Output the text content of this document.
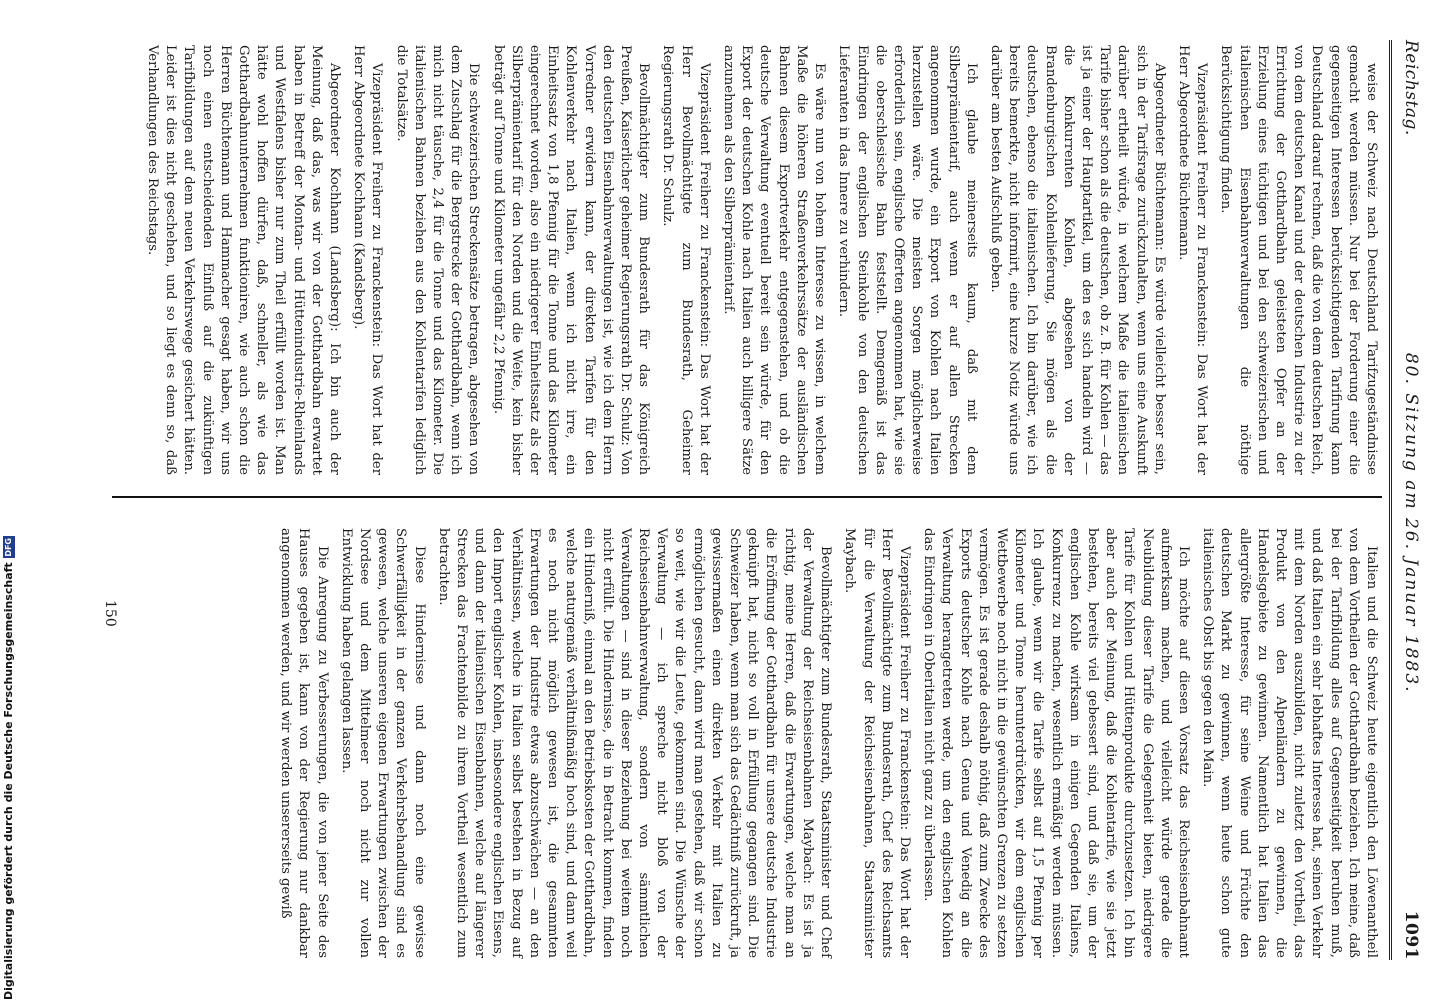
Reichstag.
80. Sitzung am 26. Januar 1883.
1091

weise der Schweiz nach Deutschland Tarifzugeständnisse gemacht werden müssen. Nur bei der Forderung einer die gegenseitigen Interessen berücksichtigenden Tarifirung kann Deutschland darauf rechnen, daß die von dem deutschen Reich, von dem deutschen Kanal und der deutschen Industrie zu der Errichtung der Gotthardbahn geleisteten Opfer an der Erzielung eines tüchtigen und bei den schweizerischen und italienischen Eisenbahnverwaltungen die nöthige Berücksichtigung finden.

Vizepräsident Freiherr zu Franckenstein: Das Wort hat der Herr Abgeordnete Büchtemann.

Abgeordneter Büchtemann: Es würde vielleicht besser sein, sich in der Tarifsrage zurückzuhalten, wenn uns eine Auskunft darüber ertheilt würde, in welchem Maße die italienischen Tarife bisher schon als die deutschen, ob z. B. für Kohlen — das ist ja einer der Hauptartikel, um den es sich handeln wird — die Konkurrenten Kohlen, abgesehen von der Brandenburgischen Kohlenlieferung, Sie mögen als die deutschen, ebenso die italienischen. Ich bin darüber, wie ich bereits bemerkte, nicht informirt, eine kurze Notiz würde uns darüber am besten Aufschluß geben.

Ich glaube meinerseits kaum, daß mit dem Silberprämientarif, auch wenn er auf allen Strecken angenommen wurde, ein Export von Kohlen nach Italien herzustellen wäre. Die meisten Sorgen möglicherweise erforderlich sein, englische Offerten angenommen hat, wie sie die oberschlesische Bahn feststellt. Demgemäß ist das Eindringen der englischen Steinkohle von den deutschen Lieferanten in das Innere zu verhindern.

Es wäre nun von hohem Interesse zu wissen, in welchem Maße die höheren Straßenverkehrssätze der ausländischen Bahnen diesem Exportverkehr entgegenstehen, und ob die deutsche Verwaltung eventuell bereit sein würde, für den Export der deutschen Kohle nach Italien auch billigere Sätze anzunehmen als den Silberprämientarif.

Vizepräsident Freiherr zu Franckenstein: Das Wort hat der Herr Bevollmächtigte zum Bundesrath, Geheimer Regierungsrath Dr. Schulz.

Bevollmächtigter zum Bundesrath für das Königreich Preußen, Kaiserlicher geheimer Regierungsrath Dr. Schulz: Von den deutschen Eisenbahnverwaltungen ist, wie ich dem Herrn Vorredner erwidern kann, der direkten Tarifen für den Kohlenverkehr nach Italien, wenn ich nicht irre, ein Einheitssatz von 1,8 Pfennig für die Tonne und das Kilometer eingerechnet worden, also ein niedrigerer Einheitssatz als der Silberprämientarif für den Norden und die Weite, kein bisher beträgt auf Tonne und Kilometer ungefähr 2,2 Pfennig.

Die schweizerischen Streckensätze betragen, abgesehen von dem Zuschlag für die Bergstrecke der Gotthardbahn, wenn ich mich nicht täusche, 2,4 für die Tonne und das Kilometer. Die italienischen Bahnen beziehen aus den Kohlentarifen lediglich die Totalsätze.

Vizepräsident Freiherr zu Franckenstein: Das Wort hat der Herr Abgeordnete Kochhann (Kandsberg).

Abgeordneter Kochhann (Landsberg): Ich bin auch der Meinung, daß das, was wir von der Gotthardbahn erwartet haben in Betreff der Montan- und Hüttenindustrie-Rheinlands und Westfalens bisher nur zum Theil erfüllt worden ist. Man hätte wohl hoffen dürfen, daß, schneller, als wie das Gotthardbahnunternehmen funktioniren, wie auch schon die Herren Büchtemann und Hammacher gesagt haben, wir uns noch einen entscheidenden Einfluß auf die zukünftigen Tarifbildungen auf dem neuen Verkehrswege gesichert hätten. Leider ist dies nicht geschehen, und so liegt es denn so, daß Verhandlungen des Reichstags.

Italien und die Schweiz heute eigentlich den Löwenantheil von dem Vortheilen der Gotthardbahn beziehen. Ich meine, daß bei der Tarifbildung alles auf Gegenseitigkeit beruhen muß, und daß Italien ein sehr lebhaftes Interesse hat, seinen Verkehr mit dem Norden auszubilden, nicht zuletzt den Vortheil, das Produkt von den Alpenländern zu gewinnen, die Handelsgebiete zu gewinnen. Namentlich hat Italien das allergrößte Interesse, für seine Weine und Früchte den deutschen Markt zu gewinnen, wenn heute schon gute italienisches Obst bis gegen den Main.

Ich möchte auf diesen Vorsatz das Reichseisenbahnamt aufmerksam machen, und vielleicht würde gerade die Neubildung dieser Tarife die Gelegenheit bieten, niedrigere Tarife für Kohlen und Hüttenprodukte durchzusetzen. Ich bin aber auch der Meinung, daß die Kohlentarife, wie sie jetzt bestehen, bereits viel gebessert sind, und daß sie, um der englischen Kohle wirksam in einigen Gegenden Italiens, Konkurrenz zu machen, wesentlich ermäßigt werden müssen. Ich glaube, wenn wir die Tarife selbst auf 1,5 Pfennig per Kilometer und Tonne herunterdrückten, wir dem englischen Wettbewerbe noch nicht in die gewünschten Grenzen zu setzen vermögen. Es ist gerade deshalb nöthig, daß zum Zwecke des Exports deutscher Kohle nach Genua und Venedig an die Verwaltung herangetreten werde, um den englischen Kohlen das Eindringen in Oberitalien nicht ganz zu überlassen.

Vizepräsident Freiherr zu Franckenstein: Das Wort hat der Herr Bevollmächtigte zum Bundesrath, Chef des Reichsamts für die Verwaltung der Reichseisenbahnen, Staatsminister Maybach.

Bevollmächtigter zum Bundesrath, Staatsminister und Chef der Verwaltung der Reichseisenbahnen Maybach: Es ist ja richtig, meine Herren, daß die Erwartungen, welche man an die Eröffnung der Gotthardbahn für unsere deutsche Industrie geknüpft hat, nicht so voll in Erfüllung gegangen sind. Die Schweizer haben, wenn man sich das Gedächtniß zurückruft, ja gewissermaßen einen direkten Verkehr mit Italien zu ermöglichen gesucht, dann wird man gestehen, daß wir schon so weit, wie wir die Leute, gekommen sind. Die Wünsche der Verwaltung — ich spreche nicht bloß von der Reichseisenbahnverwaltung, sondern von sämmtlichen Verwaltungen — sind in dieser Beziehung bei weitem noch nicht erfüllt. Die Hindernisse, die in Betracht kommen, finden ein Hinderniß, einmal an den Betriebskosten der Gotthardbahn, welche naturgemäß verhältnißmäßig hoch sind, und dann weil es noch nicht möglich gewesen ist, die gesammten Erwartungen der Industrie etwas abzuschwächen — an den Verhältnissen, welche in Italien selbst bestehen in Bezug auf den Import englischer Kohlen, insbesondere englischen Eisens, und dann der italienischen Eisenbahnen, welche auf längerer Strecken das Frachtenbilde zu ihrem Vortheil wesentlich zum betrachten.

Diese Hindernisse und dann noch eine gewisse Schwerfälligkeit in der ganzen Verkehrsbehandlung sind es gewesen, welche unseren eigenen Erwartungen zwischen der Nordsee und dem Mittelmeer noch nicht zur vollen Entwicklung haben gelangen lassen.

Die Anregung zu Verbesserungen, die von jener Seite des Hauses gegeben ist, kann von der Regierung nur dankbar angenommen werden, und wir werden unsererseits gewiß

150
Digitalisierung gefördert durch die Deutsche Forschungsgemeinschaft
DFG
